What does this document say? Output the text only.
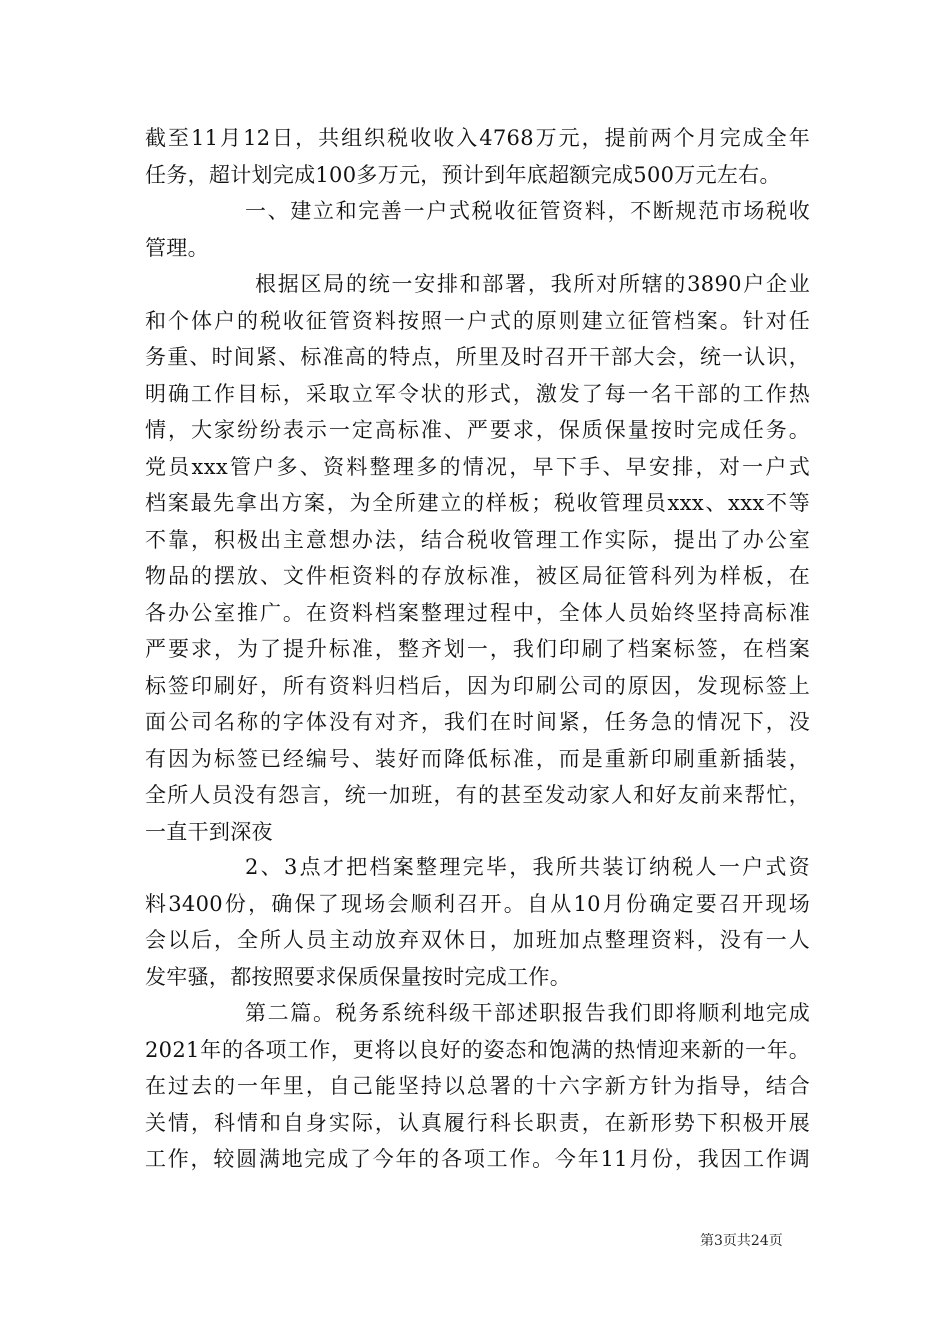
截至11月12日，共组织税收收入4768万元，提前两个月完成全年
任务，超计划完成100多万元，预计到年底超额完成500万元左右。
一、建立和完善一户式税收征管资料，不断规范市场税收
管理。
根据区局的统一安排和部署，我所对所辖的3890户企业
和个体户的税收征管资料按照一户式的原则建立征管档案。针对任
务重、时间紧、标准高的特点，所里及时召开干部大会，统一认识，
明确工作目标，采取立军令状的形式，激发了每一名干部的工作热
情，大家纷纷表示一定高标准、严要求，保质保量按时完成任务。
党员xxx管户多、资料整理多的情况，早下手、早安排，对一户式
档案最先拿出方案，为全所建立的样板；税收管理员xxx、xxx不等
不靠，积极出主意想办法，结合税收管理工作实际，提出了办公室
物品的摆放、文件柜资料的存放标准，被区局征管科列为样板，在
各办公室推广。在资料档案整理过程中，全体人员始终坚持高标准
严要求，为了提升标准，整齐划一，我们印刷了档案标签，在档案
标签印刷好，所有资料归档后，因为印刷公司的原因，发现标签上
面公司名称的字体没有对齐，我们在时间紧，任务急的情况下，没
有因为标签已经编号、装好而降低标准，而是重新印刷重新插装，
全所人员没有怨言，统一加班，有的甚至发动家人和好友前来帮忙，
一直干到深夜
2、3点才把档案整理完毕，我所共装订纳税人一户式资
料3400份，确保了现场会顺利召开。自从10月份确定要召开现场
会以后，全所人员主动放弃双休日，加班加点整理资料，没有一人
发牢骚，都按照要求保质保量按时完成工作。
第二篇。税务系统科级干部述职报告我们即将顺利地完成
2021年的各项工作，更将以良好的姿态和饱满的热情迎来新的一年。
在过去的一年里，自己能坚持以总署的十六字新方针为指导，结合
关情，科情和自身实际，认真履行科长职责，在新形势下积极开展
工作，较圆满地完成了今年的各项工作。今年11月份，我因工作调
第3页共24页
